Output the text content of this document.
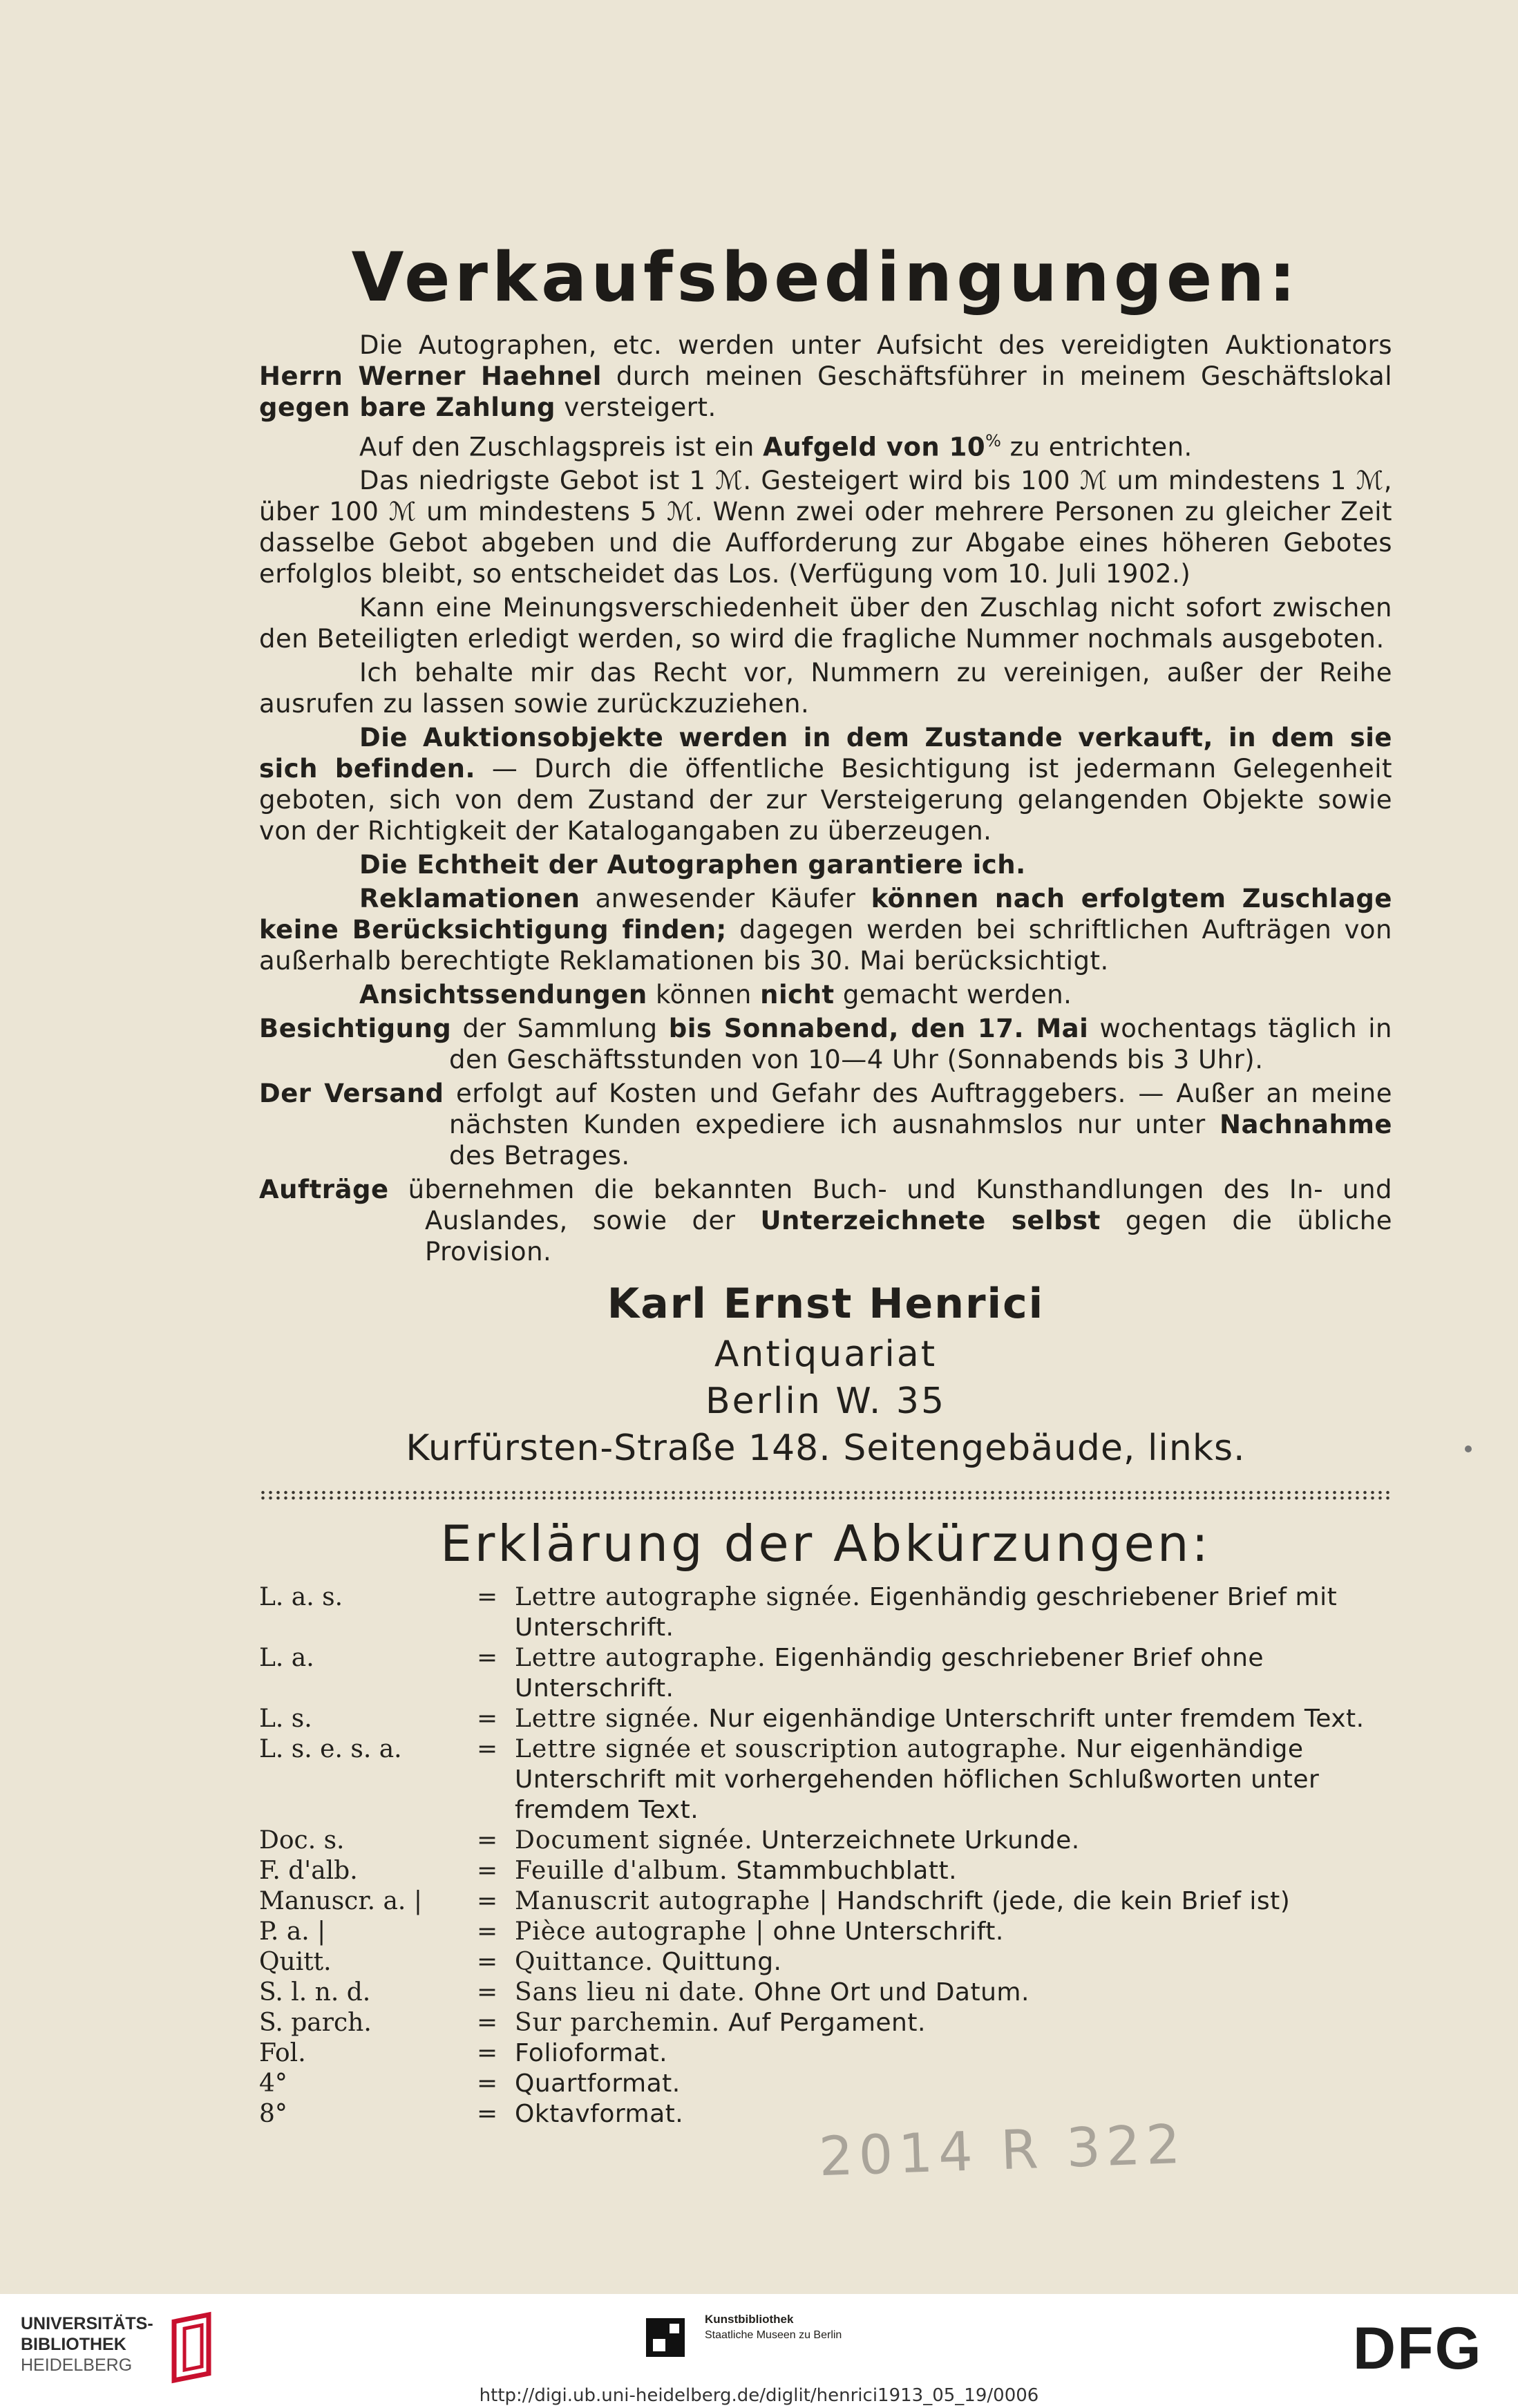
Verkaufsbedingungen:

Die Autographen, etc. werden unter Aufsicht des vereidigten Auktionators Herrn Werner Haehnel durch meinen Geschäftsführer in meinem Geschäftslokal gegen bare Zahlung versteigert.

Auf den Zuschlagspreis ist ein Aufgeld von 10% zu entrichten.

Das niedrigste Gebot ist 1 ℳ. Gesteigert wird bis 100 ℳ um mindestens 1 ℳ, über 100 ℳ um mindestens 5 ℳ. Wenn zwei oder mehrere Personen zu gleicher Zeit dasselbe Gebot abgeben und die Aufforderung zur Abgabe eines höheren Gebotes erfolglos bleibt, so entscheidet das Los. (Verfügung vom 10. Juli 1902.)

Kann eine Meinungsverschiedenheit über den Zuschlag nicht sofort zwischen den Beteiligten erledigt werden, so wird die fragliche Nummer nochmals ausgeboten.

Ich behalte mir das Recht vor, Nummern zu vereinigen, außer der Reihe ausrufen zu lassen sowie zurückzuziehen.

Die Auktionsobjekte werden in dem Zustande verkauft, in dem sie sich befinden. — Durch die öffentliche Besichtigung ist jedermann Gelegenheit geboten, sich von dem Zustand der zur Versteigerung gelangenden Objekte sowie von der Richtigkeit der Katalogangaben zu überzeugen.

Die Echtheit der Autographen garantiere ich.

Reklamationen anwesender Käufer können nach erfolgtem Zuschlage keine Berücksichtigung finden; dagegen werden bei schriftlichen Aufträgen von außerhalb berechtigte Reklamationen bis 30. Mai berücksichtigt.

Ansichtssendungen können nicht gemacht werden.

Besichtigung der Sammlung bis Sonnabend, den 17. Mai wochentags täglich in den Geschäftsstunden von 10—4 Uhr (Sonnabends bis 3 Uhr).

Der Versand erfolgt auf Kosten und Gefahr des Auftraggebers. — Außer an meine nächsten Kunden expediere ich ausnahmslos nur unter Nachnahme des Betrages.

Aufträge übernehmen die bekannten Buch- und Kunsthandlungen des In- und Auslandes, sowie der Unterzeichnete selbst gegen die übliche Provision.

Karl Ernst Henrici
Antiquariat
Berlin W. 35
Kurfürsten-Straße 148. Seitengebäude, links.
Erklärung der Abkürzungen:
L. a. s.	= Lettre autographe signée. Eigenhändig geschriebener Brief mit Unterschrift.
L. a.	= Lettre autographe. Eigenhändig geschriebener Brief ohne Unterschrift.
L. s.	= Lettre signée. Nur eigenhändige Unterschrift unter fremdem Text.
L. s. e. s. a.	= Lettre signée et souscription autographe. Nur eigenhändige Unterschrift mit vorhergehenden höflichen Schlußworten unter fremdem Text.
Doc. s.	= Document signée. Unterzeichnete Urkunde.
F. d'alb.	= Feuille d'album. Stammbuchblatt.
Manuscr. a. |	= Manuscrit autographe | Handschrift (jede, die kein Brief ist)
P. a. |	= Pièce autographe | ohne Unterschrift.
Quitt.	= Quittance. Quittung.
S. l. n. d.	= Sans lieu ni date. Ohne Ort und Datum.
S. parch.	= Sur parchemin. Auf Pergament.
Fol.	= Folioformat.
4°	= Quartformat.
8°	= Oktavformat.	2014 R 322
UNIVERSITÄTS-
BIBLIOTHEK
HEIDELBERG
Kunstbibliothek
Staatliche Museen zu Berlin	DFG
http://digi.ub.uni-heidelberg.de/diglit/henrici1913_05_19/0006
